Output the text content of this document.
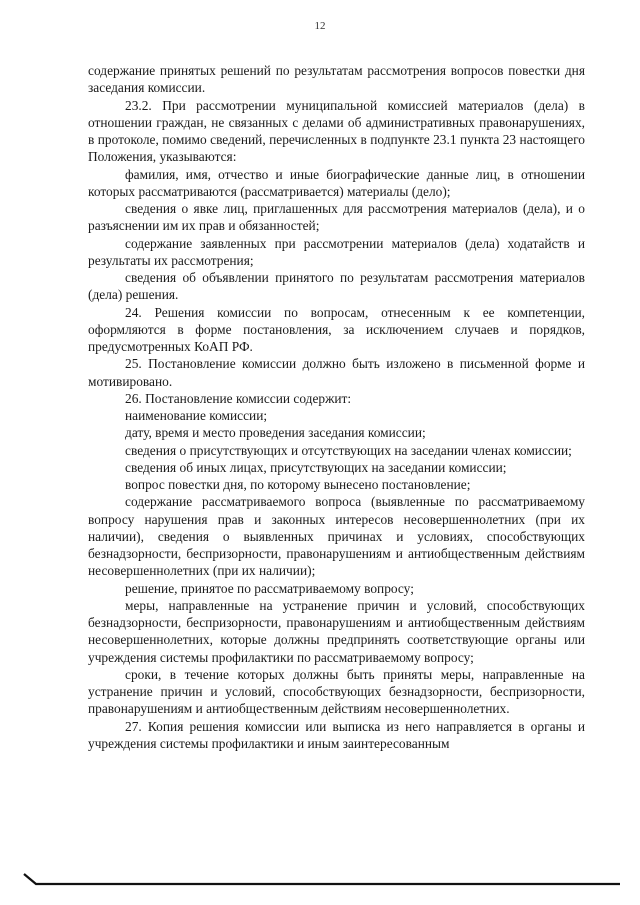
12

содержание принятых решений по результатам рассмотрения вопросов повестки дня заседания комиссии.

23.2. При рассмотрении муниципальной комиссией материалов (дела) в отношении граждан, не связанных с делами об административных правонарушениях, в протоколе, помимо сведений, перечисленных в подпункте 23.1 пункта 23 настоящего Положения, указываются:

фамилия, имя, отчество и иные биографические данные лиц, в отношении которых рассматриваются (рассматривается) материалы (дело);

сведения о явке лиц, приглашенных для рассмотрения материалов (дела), и о разъяснении им их прав и обязанностей;

содержание заявленных при рассмотрении материалов (дела) ходатайств и результаты их рассмотрения;

сведения об объявлении принятого по результатам рассмотрения материалов (дела) решения.

24. Решения комиссии по вопросам, отнесенным к ее компетенции, оформляются в форме постановления, за исключением случаев и порядков, предусмотренных КоАП РФ.

25. Постановление комиссии должно быть изложено в письменной форме и мотивировано.

26. Постановление комиссии содержит:

наименование комиссии;

дату, время и место проведения заседания комиссии;

сведения о присутствующих и отсутствующих на заседании членах комиссии;

сведения об иных лицах, присутствующих на заседании комиссии;

вопрос повестки дня, по которому вынесено постановление;

содержание рассматриваемого вопроса (выявленные по рассматриваемому вопросу нарушения прав и законных интересов несовершеннолетних (при их наличии), сведения о выявленных причинах и условиях, способствующих безнадзорности, беспризорности, правонарушениям и антиобщественным действиям несовершеннолетних (при их наличии);

решение, принятое по рассматриваемому вопросу;

меры, направленные на устранение причин и условий, способствующих безнадзорности, беспризорности, правонарушениям и антиобщественным действиям несовершеннолетних, которые должны предпринять соответствующие органы или учреждения системы профилактики по рассматриваемому вопросу;

сроки, в течение которых должны быть приняты меры, направленные на устранение причин и условий, способствующих безнадзорности, беспризорности, правонарушениям и антиобщественным действиям несовершеннолетних.

27. Копия решения комиссии или выписка из него направляется в органы и учреждения системы профилактики и иным заинтересованным
